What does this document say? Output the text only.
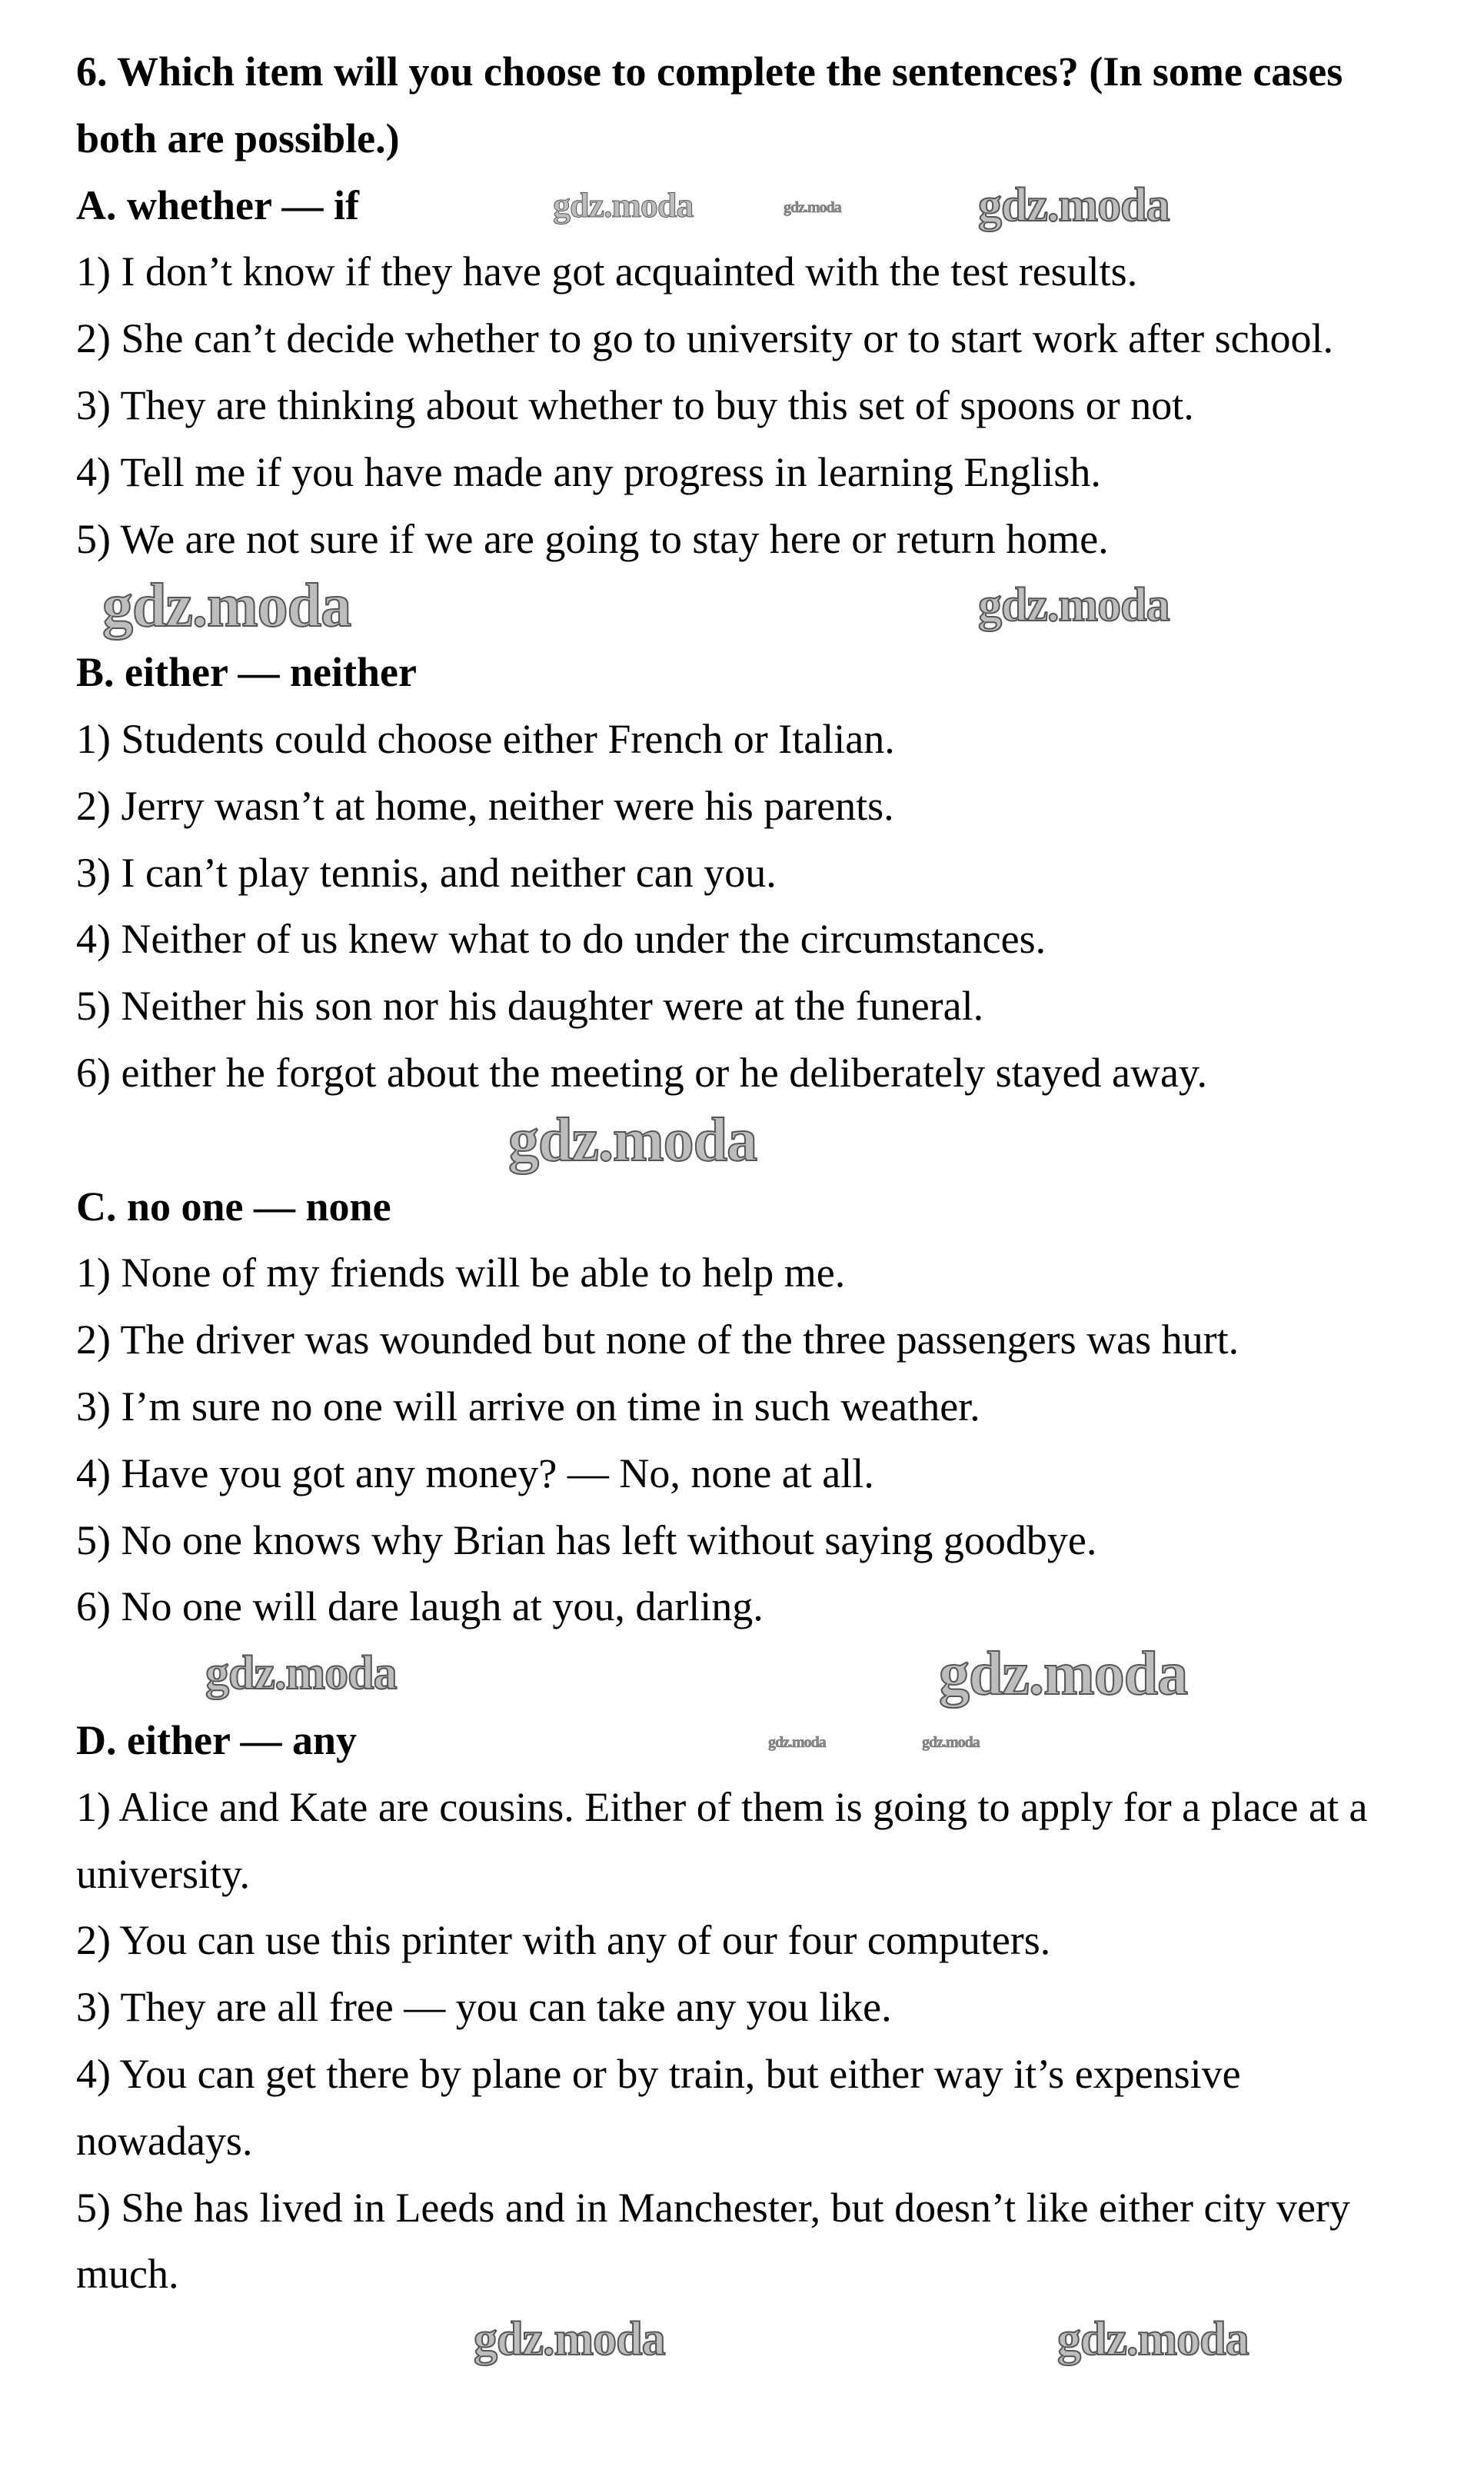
6. Which item will you choose to complete the sentences? (In some cases both are possible.)

A. whether — if	gdz.moda	gdz.moda	gdz.moda

1) I don’t know if they have got acquainted with the test results.

2) She can’t decide whether to go to university or to start work after school.

3) They are thinking about whether to buy this set of spoons or not.

4) Tell me if you have made any progress in learning English.

5) We are not sure if we are going to stay here or return home.

gdz.moda	gdz.moda

B. either — neither

1) Students could choose either French or Italian.

2) Jerry wasn’t at home, neither were his parents.

3) I can’t play tennis, and neither can you.

4) Neither of us knew what to do under the circumstances.

5) Neither his son nor his daughter were at the funeral.

6) either he forgot about the meeting or he deliberately stayed away.

gdz.moda

C. no one — none

1) None of my friends will be able to help me.

2) The driver was wounded but none of the three passengers was hurt.

3) I’m sure no one will arrive on time in such weather.

4) Have you got any money? — No, none at all.

5) No one knows why Brian has left without saying goodbye.

6) No one will dare laugh at you, darling.

gdz.moda	gdz.moda
D. either — any	gdz.moda	gdz.moda

1) Alice and Kate are cousins. Either of them is going to apply for a place at a university.

2) You can use this printer with any of our four computers.

3) They are all free — you can take any you like.

4) You can get there by plane or by train, but either way it’s expensive nowadays.

5) She has lived in Leeds and in Manchester, but doesn’t like either city very much.

gdz.moda	gdz.moda
